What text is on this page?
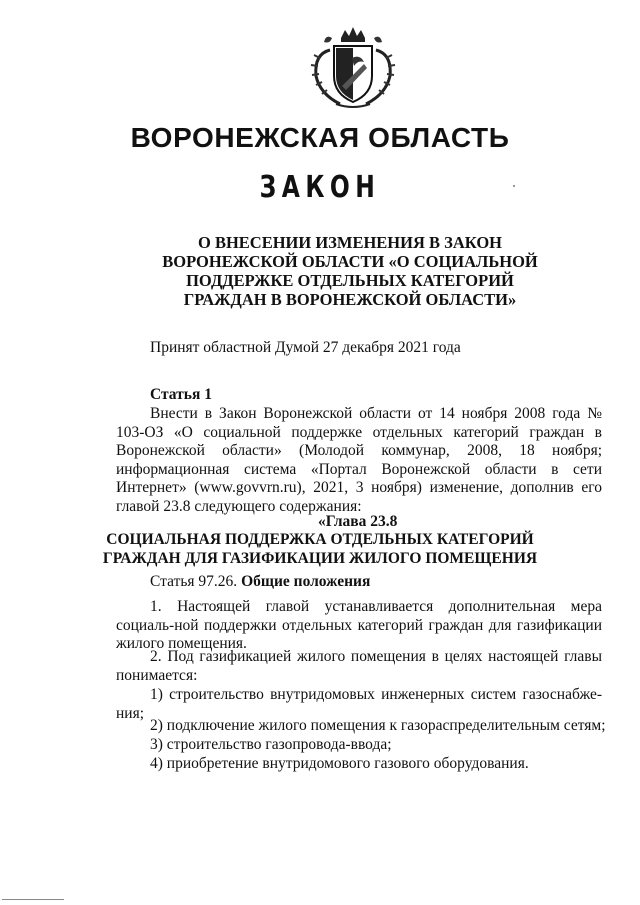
ВОРОНЕЖСКАЯ ОБЛАСТЬ
ЗАКОН
О ВНЕСЕНИИ ИЗМЕНЕНИЯ В ЗАКОН
ВОРОНЕЖСКОЙ ОБЛАСТИ «О СОЦИАЛЬНОЙ
ПОДДЕРЖКЕ ОТДЕЛЬНЫХ КАТЕГОРИЙ
ГРАЖДАН В ВОРОНЕЖСКОЙ ОБЛАСТИ»
Принят областной Думой 27 декабря 2021 года
Статья 1
Внести в Закон Воронежской области от 14 ноября 2008 года № 103-ОЗ «О социальной поддержке отдельных категорий граждан в Воронежской области» (Молодой коммунар, 2008, 18 ноября; информационная система «Портал Воронежской области в сети Интернет» (www.govvrn.ru), 2021, 3 ноября) изменение, дополнив его главой 23.8 следующего содержания:
«Глава 23.8
СОЦИАЛЬНАЯ ПОДДЕРЖКА ОТДЕЛЬНЫХ КАТЕГОРИЙ
ГРАЖДАН ДЛЯ ГАЗИФИКАЦИИ ЖИЛОГО ПОМЕЩЕНИЯ
Статья 97.26. Общие положения
1. Настоящей главой устанавливается дополнительная мера социаль-ной поддержки отдельных категорий граждан для газификации жилого помещения.
2. Под газификацией жилого помещения в целях настоящей главы понимается:
1) строительство внутридомовых инженерных систем газоснабже-ния;
2) подключение жилого помещения к газораспределительным сетям;
3) строительство газопровода-ввода;
4) приобретение внутридомового газового оборудования.
